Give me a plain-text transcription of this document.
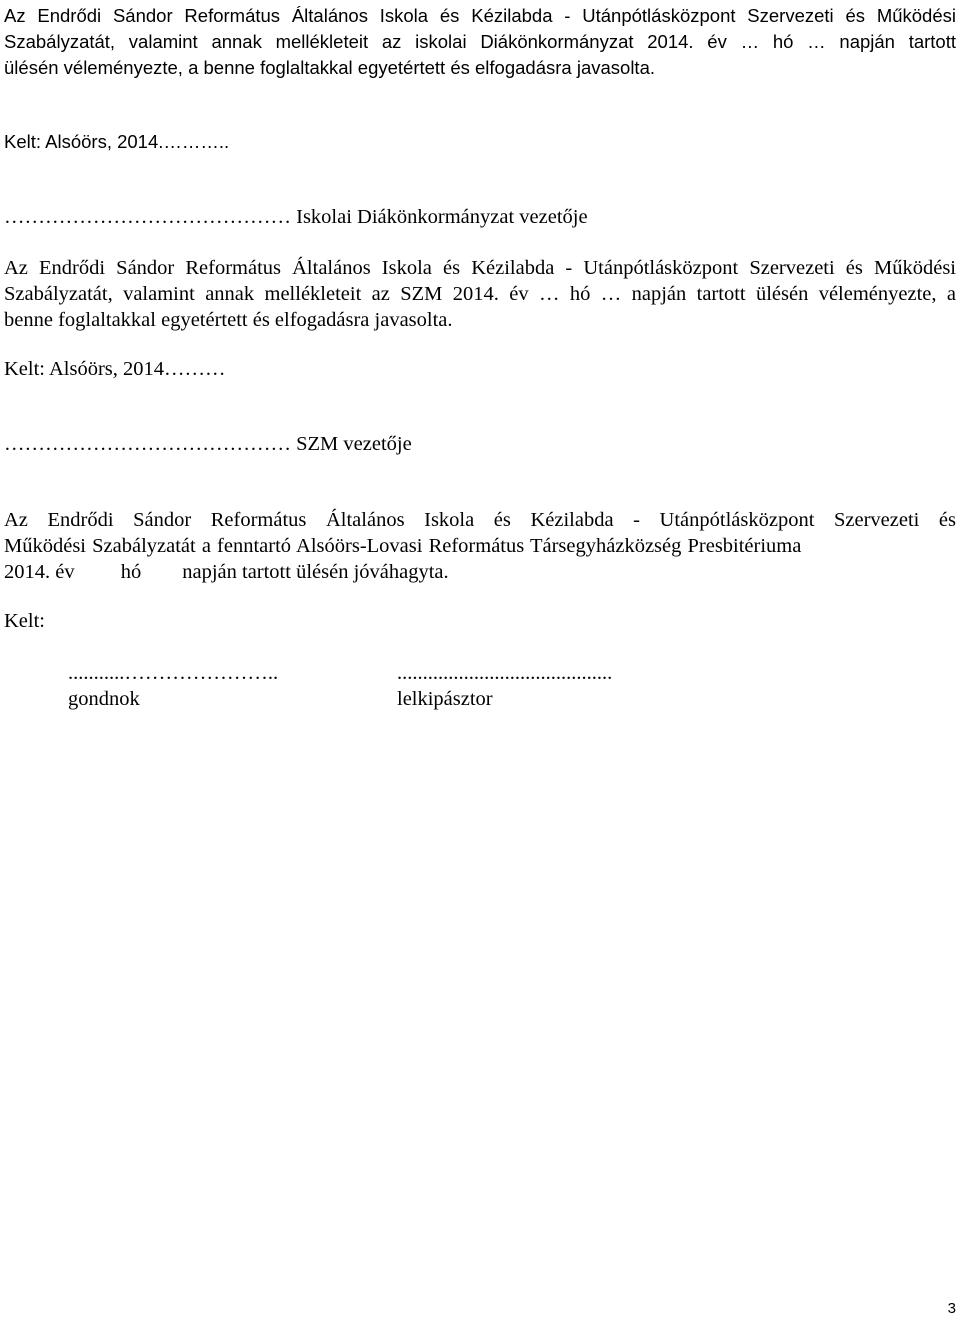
Az Endrődi Sándor Református Általános Iskola és Kézilabda - Utánpótlásközpont Szervezeti és Működési
Szabályzatát, valamint annak mellékleteit az iskolai Diákönkormányzat 2014. év … hó … napján tartott
ülésén véleményezte, a benne foglaltakkal egyetértett és elfogadásra javasolta.
Kelt: Alsóörs, 2014.………..
…………………………………… Iskolai Diákönkormányzat vezetője
Az Endrődi Sándor Református Általános Iskola és Kézilabda - Utánpótlásközpont Szervezeti és Működési
Szabályzatát, valamint annak mellékleteit az SZM 2014. év … hó … napján tartott ülésén véleményezte, a
benne foglaltakkal egyetértett és elfogadásra javasolta.
Kelt: Alsóörs, 2014………
…………………………………… SZM vezetője
Az Endrődi Sándor Református Általános Iskola és Kézilabda - Utánpótlásközpont Szervezeti és
Működési Szabályzatát a fenntartó Alsóörs-Lovasi Református Társegyházközség Presbitériuma
2014. év         hó        napján tartott ülésén jóváhagyta.
Kelt:
...........…………………..
gondnok
..........................................
lelkipásztor
3
